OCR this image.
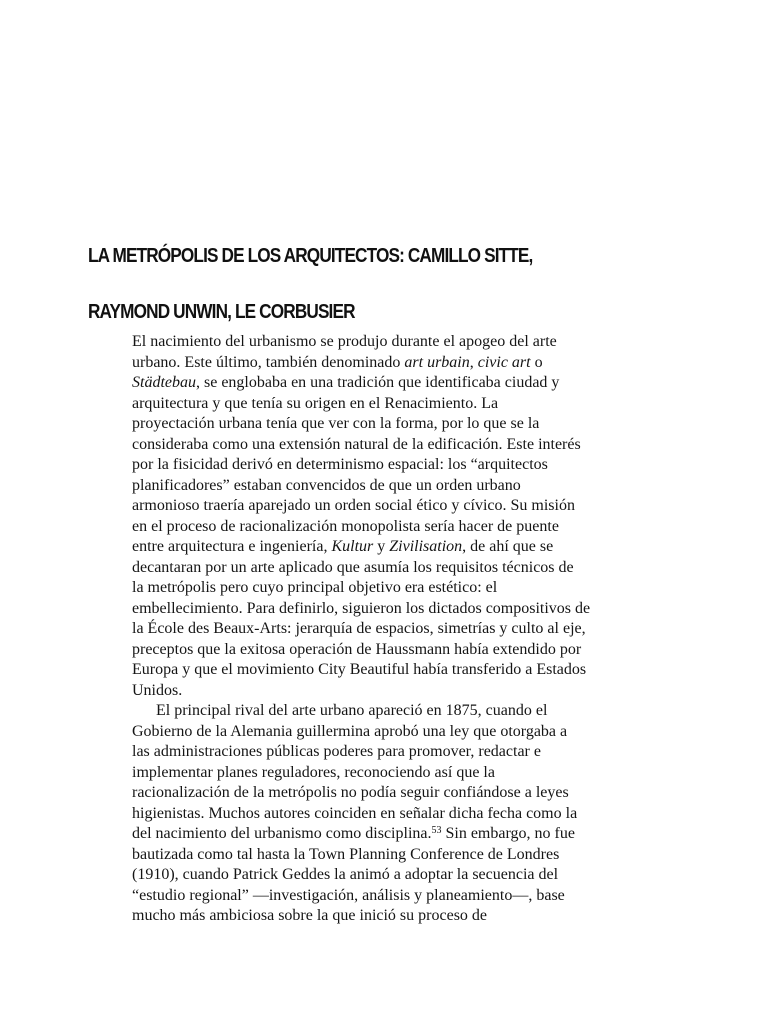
LA METRÓPOLIS DE LOS ARQUITECTOS: CAMILLO SITTE,
RAYMOND UNWIN, LE CORBUSIER
El nacimiento del urbanismo se produjo durante el apogeo del arte
urbano. Este último, también denominado art urbain, civic art o
Städtebau, se englobaba en una tradición que identificaba ciudad y
arquitectura y que tenía su origen en el Renacimiento. La
proyectación urbana tenía que ver con la forma, por lo que se la
consideraba como una extensión natural de la edificación. Este interés
por la fisicidad derivó en determinismo espacial: los “arquitectos
planificadores” estaban convencidos de que un orden urbano
armonioso traería aparejado un orden social ético y cívico. Su misión
en el proceso de racionalización monopolista sería hacer de puente
entre arquitectura e ingeniería, Kultur y Zivilisation, de ahí que se
decantaran por un arte aplicado que asumía los requisitos técnicos de
la metrópolis pero cuyo principal objetivo era estético: el
embellecimiento. Para definirlo, siguieron los dictados compositivos de
la École des Beaux-Arts: jerarquía de espacios, simetrías y culto al eje,
preceptos que la exitosa operación de Haussmann había extendido por
Europa y que el movimiento City Beautiful había transferido a Estados
Unidos.
El principal rival del arte urbano apareció en 1875, cuando el
Gobierno de la Alemania guillermina aprobó una ley que otorgaba a
las administraciones públicas poderes para promover, redactar e
implementar planes reguladores, reconociendo así que la
racionalización de la metrópolis no podía seguir confiándose a leyes
higienistas. Muchos autores coinciden en señalar dicha fecha como la
del nacimiento del urbanismo como disciplina.$^{53}$ Sin embargo, no fue
bautizada como tal hasta la Town Planning Conference de Londres
(1910), cuando Patrick Geddes la animó a adoptar la secuencia del
“estudio regional” —investigación, análisis y planeamiento—, base
mucho más ambiciosa sobre la que inició su proceso de
